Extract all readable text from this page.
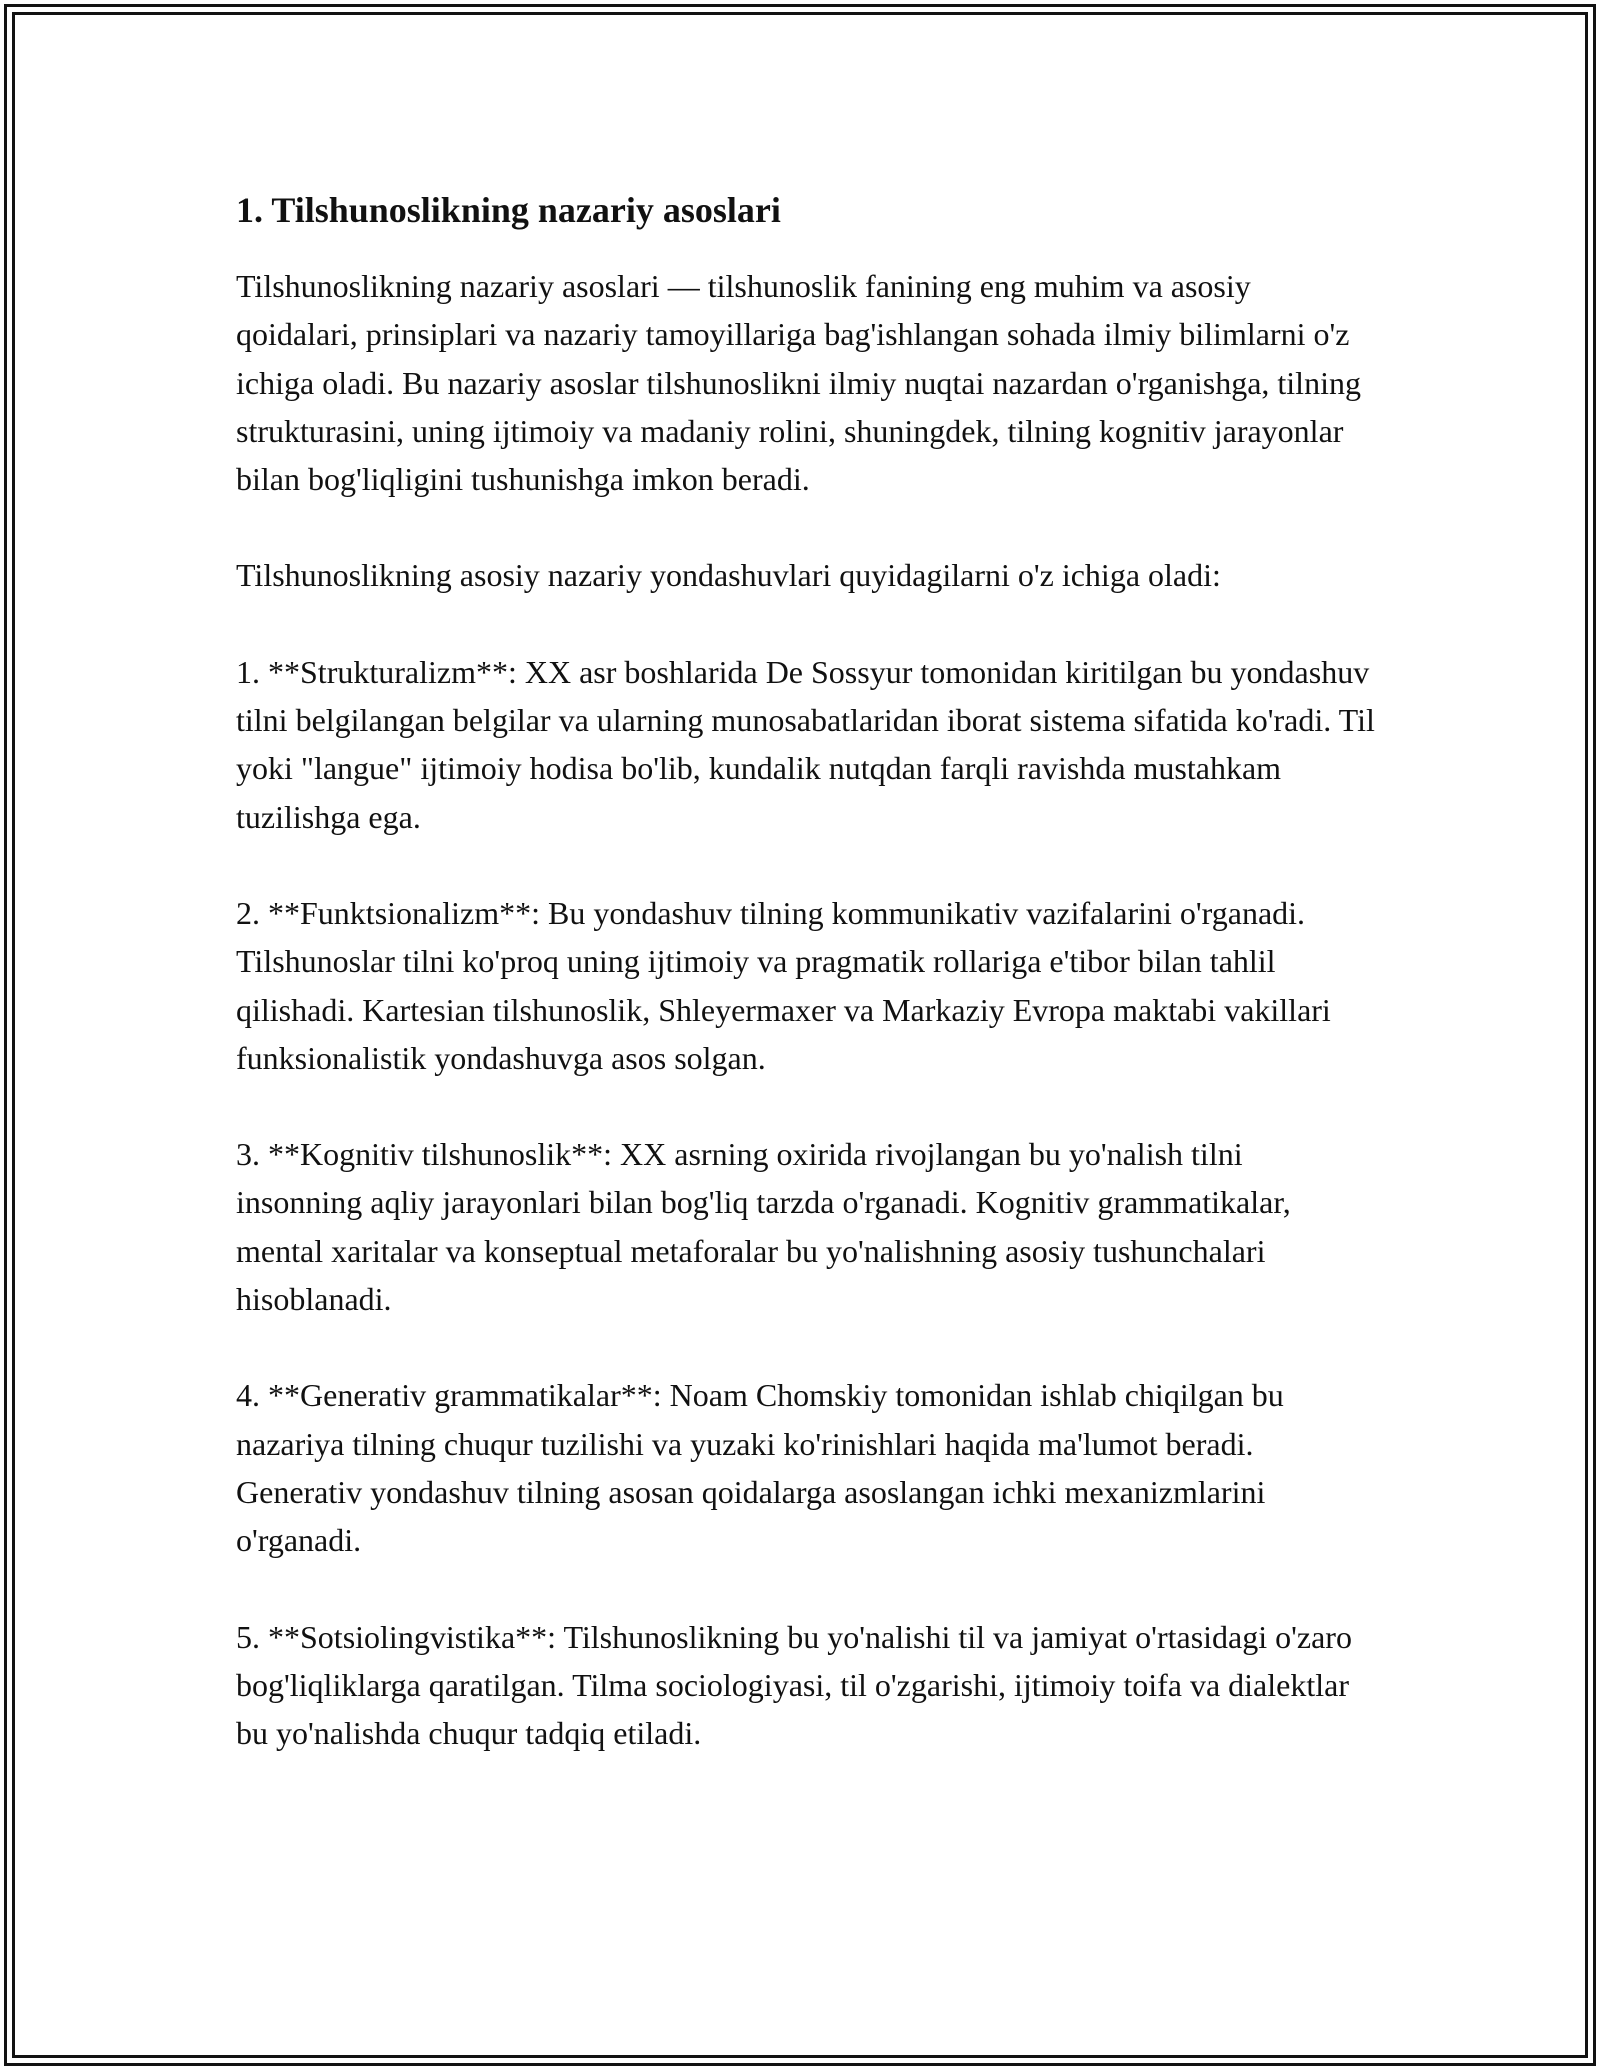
1. Tilshunoslikning nazariy asoslari

Tilshunoslikning nazariy asoslari — tilshunoslik fanining eng muhim va asosiy qoidalari, prinsiplari va nazariy tamoyillariga bag'ishlangan sohada ilmiy bilimlarni o'z ichiga oladi. Bu nazariy asoslar tilshunoslikni ilmiy nuqtai nazardan o'rganishga, tilning strukturasini, uning ijtimoiy va madaniy rolini, shuningdek, tilning kognitiv jarayonlar bilan bog'liqligini tushunishga imkon beradi.

Tilshunoslikning asosiy nazariy yondashuvlari quyidagilarni o'z ichiga oladi:

1. **Strukturalizm**: XX asr boshlarida De Sossyur tomonidan kiritilgan bu yondashuv tilni belgilangan belgilar va ularning munosabatlaridan iborat sistema sifatida ko'radi. Til yoki "langue" ijtimoiy hodisa bo'lib, kundalik nutqdan farqli ravishda mustahkam tuzilishga ega.

2. **Funktsionalizm**: Bu yondashuv tilning kommunikativ vazifalarini o'rganadi. Tilshunoslar tilni ko'proq uning ijtimoiy va pragmatik rollariga e'tibor bilan tahlil qilishadi. Kartesian tilshunoslik, Shleyermaxer va Markaziy Evropa maktabi vakillari funksionalistik yondashuvga asos solgan.

3. **Kognitiv tilshunoslik**: XX asrning oxirida rivojlangan bu yo'nalish tilni insonning aqliy jarayonlari bilan bog'liq tarzda o'rganadi. Kognitiv grammatikalar, mental xaritalar va konseptual metaforalar bu yo'nalishning asosiy tushunchalari hisoblanadi.

4. **Generativ grammatikalar**: Noam Chomskiy tomonidan ishlab chiqilgan bu nazariya tilning chuqur tuzilishi va yuzaki ko'rinishlari haqida ma'lumot beradi. Generativ yondashuv tilning asosan qoidalarga asoslangan ichki mexanizmlarini o'rganadi.

5. **Sotsiolingvistika**: Tilshunoslikning bu yo'nalishi til va jamiyat o'rtasidagi o'zaro bog'liqliklarga qaratilgan. Tilma sociologiyasi, til o'zgarishi, ijtimoiy toifa va dialektlar bu yo'nalishda chuqur tadqiq etiladi.
